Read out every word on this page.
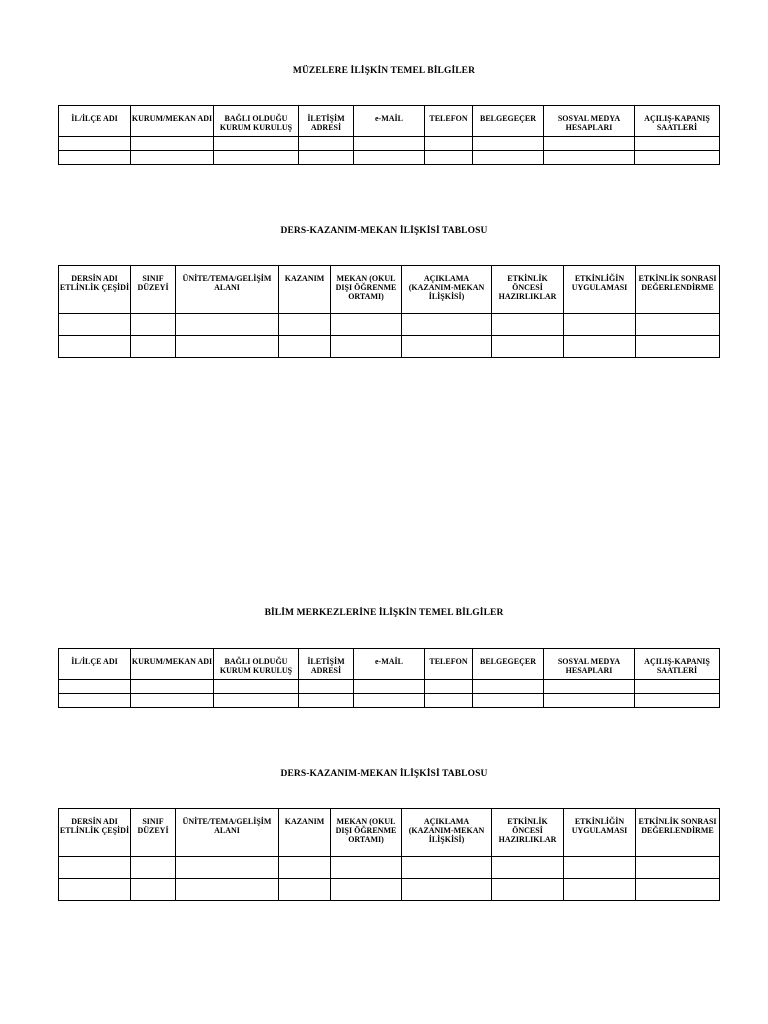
MÜZELERE İLİŞKİN TEMEL BİLGİLER
İL/İLÇE ADI	KURUM/MEKAN ADI	BAĞLI OLDUĞU KURUM KURULUŞ	İLETİŞİM ADRESİ	e-MAİL	TELEFON	BELGEGEÇER	SOSYAL MEDYA HESAPLARI	AÇILIŞ-KAPANIŞ SAATLERİ

DERS-KAZANIM-MEKAN İLİŞKİSİ TABLOSU
DERSİN ADI ETLİNLİK ÇEŞİDİ	SINIF DÜZEYİ	ÜNİTE/TEMA/GELİŞİM ALANI	KAZANIM	MEKAN (OKUL DIŞI ÖĞRENME ORTAMI)	AÇIKLAMA (KAZANIM-MEKAN İLİŞKİSİ)	ETKİNLİK ÖNCESİ HAZIRLIKLAR	ETKİNLİĞİN UYGULAMASI	ETKİNLİK SONRASI DEĞERLENDİRME

BİLİM MERKEZLERİNE İLİŞKİN TEMEL BİLGİLER
İL/İLÇE ADI	KURUM/MEKAN ADI	BAĞLI OLDUĞU KURUM KURULUŞ	İLETİŞİM ADRESİ	e-MAİL	TELEFON	BELGEGEÇER	SOSYAL MEDYA HESAPLARI	AÇILIŞ-KAPANIŞ SAATLERİ

DERS-KAZANIM-MEKAN İLİŞKİSİ TABLOSU
DERSİN ADI ETLİNLİK ÇEŞİDİ	SINIF DÜZEYİ	ÜNİTE/TEMA/GELİŞİM ALANI	KAZANIM	MEKAN (OKUL DIŞI ÖĞRENME ORTAMI)	AÇIKLAMA (KAZANIM-MEKAN İLİŞKİSİ)	ETKİNLİK ÖNCESİ HAZIRLIKLAR	ETKİNLİĞİN UYGULAMASI	ETKİNLİK SONRASI DEĞERLENDİRME
